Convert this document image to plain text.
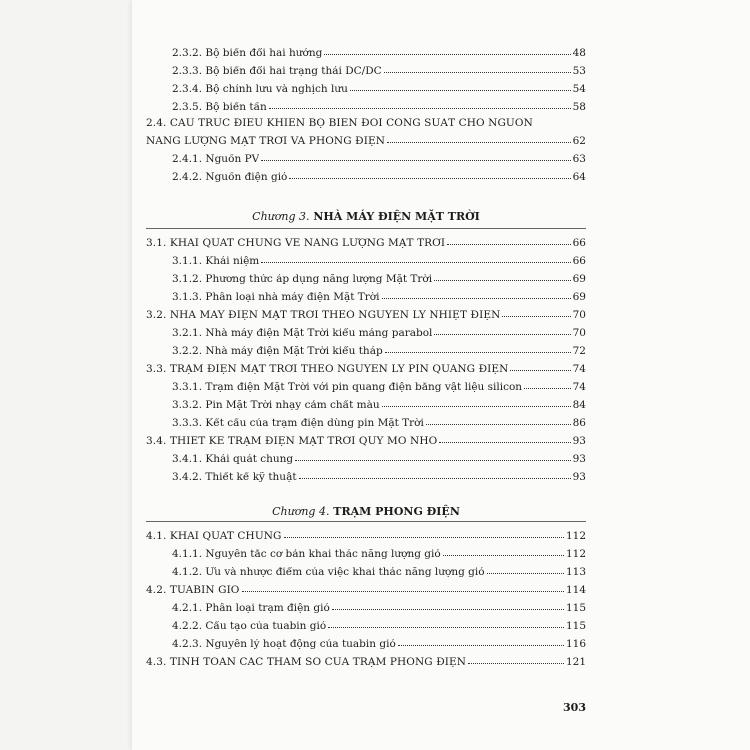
2.3.2. Bộ biến đổi hai hướng	48
2.3.3. Bộ biến đổi hai trạng thái DC/DC	53
2.3.4. Bộ chỉnh lưu và nghịch lưu	54
2.3.5. Bộ biến tần	58
2.4. CẤU TRÚC ĐIỀU KHIỂN BỘ BIẾN ĐỔI CÔNG SUẤT CHO NGUỒN
NĂNG LƯỢNG MẶT TRỜI VÀ PHONG ĐIỆN	62
2.4.1. Nguồn PV	63
2.4.2. Nguồn điện gió	64
Chương 3. NHÀ MÁY ĐIỆN MẶT TRỜI
3.1. KHÁI QUÁT CHUNG VỀ NĂNG LƯỢNG MẶT TRỜI	66
3.1.1. Khái niệm	66
3.1.2. Phương thức áp dụng năng lượng Mặt Trời	69
3.1.3. Phân loại nhà máy điện Mặt Trời	69
3.2. NHÀ MÁY ĐIỆN MẶT TRỜI THEO NGUYÊN LÝ NHIỆT ĐIỆN	70
3.2.1. Nhà máy điện Mặt Trời kiểu máng parabol	70
3.2.2. Nhà máy điện Mặt Trời kiểu tháp	72
3.3. TRẠM ĐIỆN MẶT TRỜI THEO NGUYÊN LÝ PIN QUANG ĐIỆN	74
3.3.1. Trạm điện Mặt Trời với pin quang điện bằng vật liệu silicon	74
3.3.2. Pin Mặt Trời nhạy cảm chất màu	84
3.3.3. Kết cấu của trạm điện dùng pin Mặt Trời	86
3.4. THIẾT KẾ TRẠM ĐIỆN MẶT TRỜI QUY MÔ NHỎ	93
3.4.1. Khái quát chung	93
3.4.2. Thiết kế kỹ thuật	93
Chương 4. TRẠM PHONG ĐIỆN
4.1. KHÁI QUÁT CHUNG	112
4.1.1. Nguyên tắc cơ bản khai thác năng lượng gió	112
4.1.2. Ưu và nhược điểm của việc khai thác năng lượng gió	113
4.2. TUABIN GIÓ	114
4.2.1. Phân loại trạm điện gió	115
4.2.2. Cấu tạo của tuabin gió	115
4.2.3. Nguyên lý hoạt động của tuabin gió	116
4.3. TÍNH TOÁN CÁC THAM SỐ CỦA TRẠM PHONG ĐIỆN	121
303
